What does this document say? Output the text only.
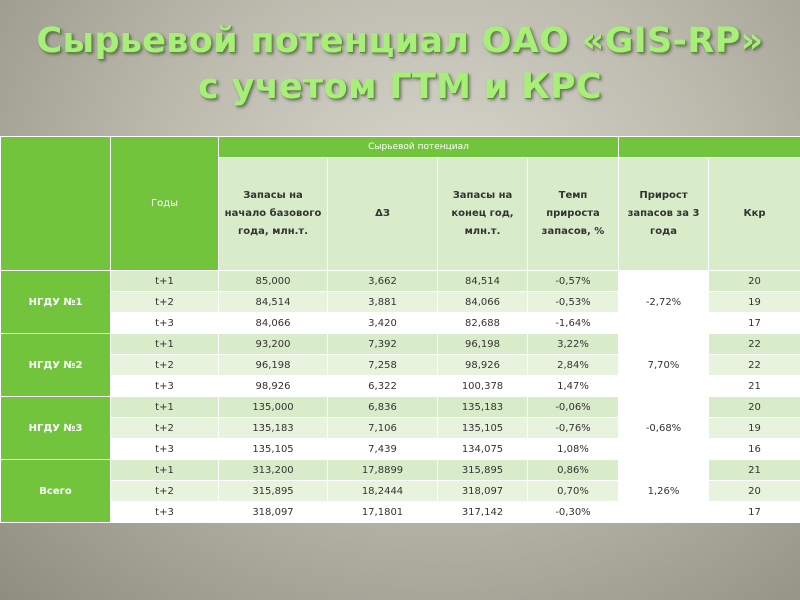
Сырьевой потенциал ОАО «GIS-RP»
с учетом ГТМ и КРС
	Годы	Сырьевой потенциал					
		Запасы на начало базового года, млн.т.	ΔЗ	Запасы на конец год, млн.т.	Темп прироста запасов, %	Прирост запасов за 3 года	Ккр
НГДУ №1	t+1	85,000	3,662	84,514	-0,57%	-2,72%	20
	t+2	84,514	3,881	84,066	-0,53%		19
	t+3	84,066	3,420	82,688	-1,64%		17
НГДУ №2	t+1	93,200	7,392	96,198	3,22%	7,70%	22
	t+2	96,198	7,258	98,926	2,84%		22
	t+3	98,926	6,322	100,378	1,47%		21
НГДУ №3	t+1	135,000	6,836	135,183	-0,06%	-0,68%	20
	t+2	135,183	7,106	135,105	-0,76%		19
	t+3	135,105	7,439	134,075	1,08%		16
Всего	t+1	313,200	17,8899	315,895	0,86%	1,26%	21
	t+2	315,895	18,2444	318,097	0,70%		20
	t+3	318,097	17,1801	317,142	-0,30%		17
